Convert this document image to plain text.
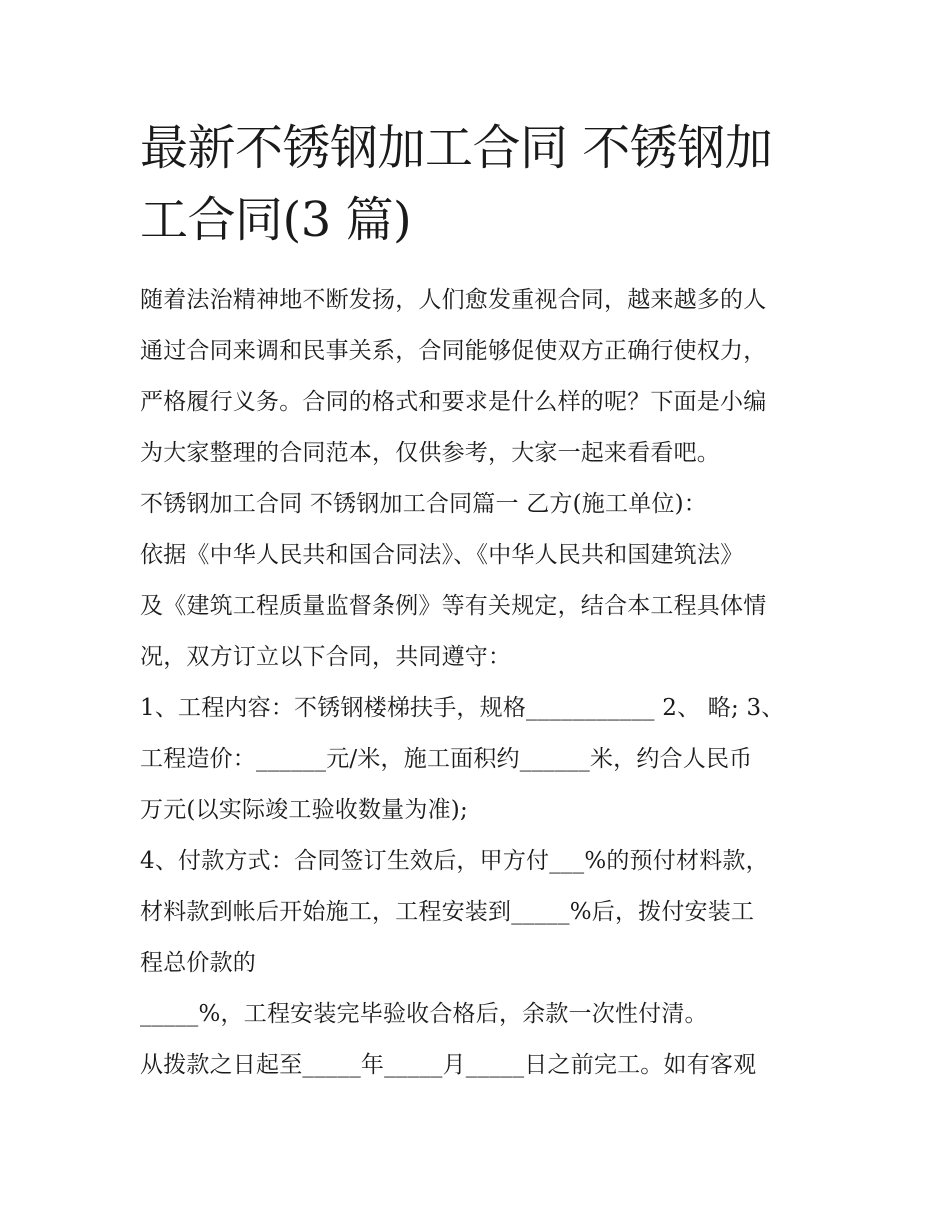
最新不锈钢加工合同 不锈钢加
工合同(3 篇)
随着法治精神地不断发扬，人们愈发重视合同，越来越多的人
通过合同来调和民事关系，合同能够促使双方正确行使权力，
严格履行义务。合同的格式和要求是什么样的呢？下面是小编
为大家整理的合同范本，仅供参考，大家一起来看看吧。
不锈钢加工合同 不锈钢加工合同篇一 乙方(施工单位)：
依据《中华人民共和国合同法》、《中华人民共和国建筑法》
及《建筑工程质量监督条例》等有关规定，结合本工程具体情
况，双方订立以下合同，共同遵守：
1、工程内容：不锈钢楼梯扶手，规格___________ 2、 略; 3、
工程造价：______元/米，施工面积约______米，约合人民币
万元(以实际竣工验收数量为准);
4、付款方式：合同签订生效后，甲方付___%的预付材料款，
材料款到帐后开始施工，工程安装到_____%后，拨付安装工
程总价款的
_____%，工程安装完毕验收合格后，余款一次性付清。
从拨款之日起至_____年_____月_____日之前完工。如有客观
